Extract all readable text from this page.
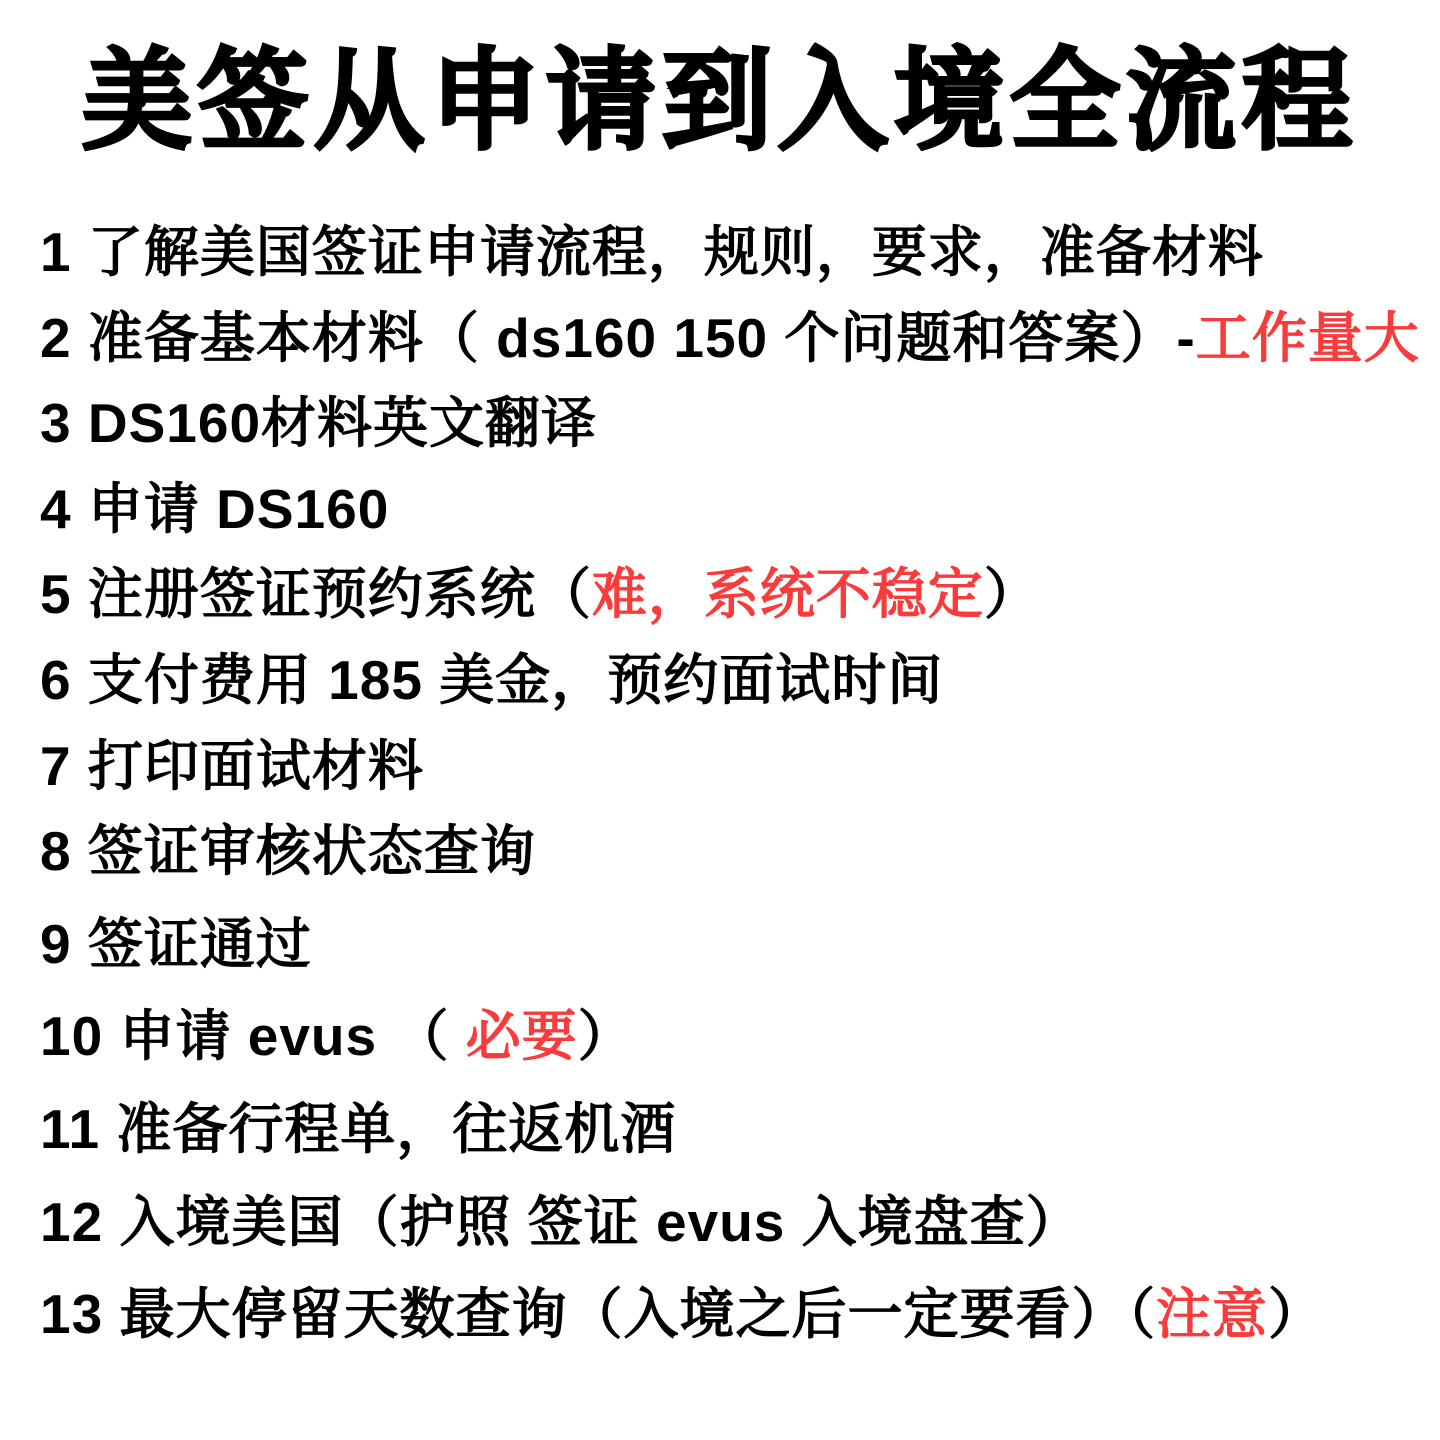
美签从申请到入境全流程
1 了解美国签证申请流程，规则，要求，准备材料
2 准备基本材料（ ds160 150 个问题和答案）-工作量大
3 DS160材料英文翻译
4 申请 DS160
5 注册签证预约系统（难，系统不稳定）
6 支付费用 185 美金，预约面试时间
7 打印面试材料
8 签证审核状态查询
9 签证通过
10 申请 evus （ 必要）
11 准备行程单，往返机酒
12 入境美国（护照 签证 evus 入境盘查）
13 最大停留天数查询（入境之后一定要看）（注意）
